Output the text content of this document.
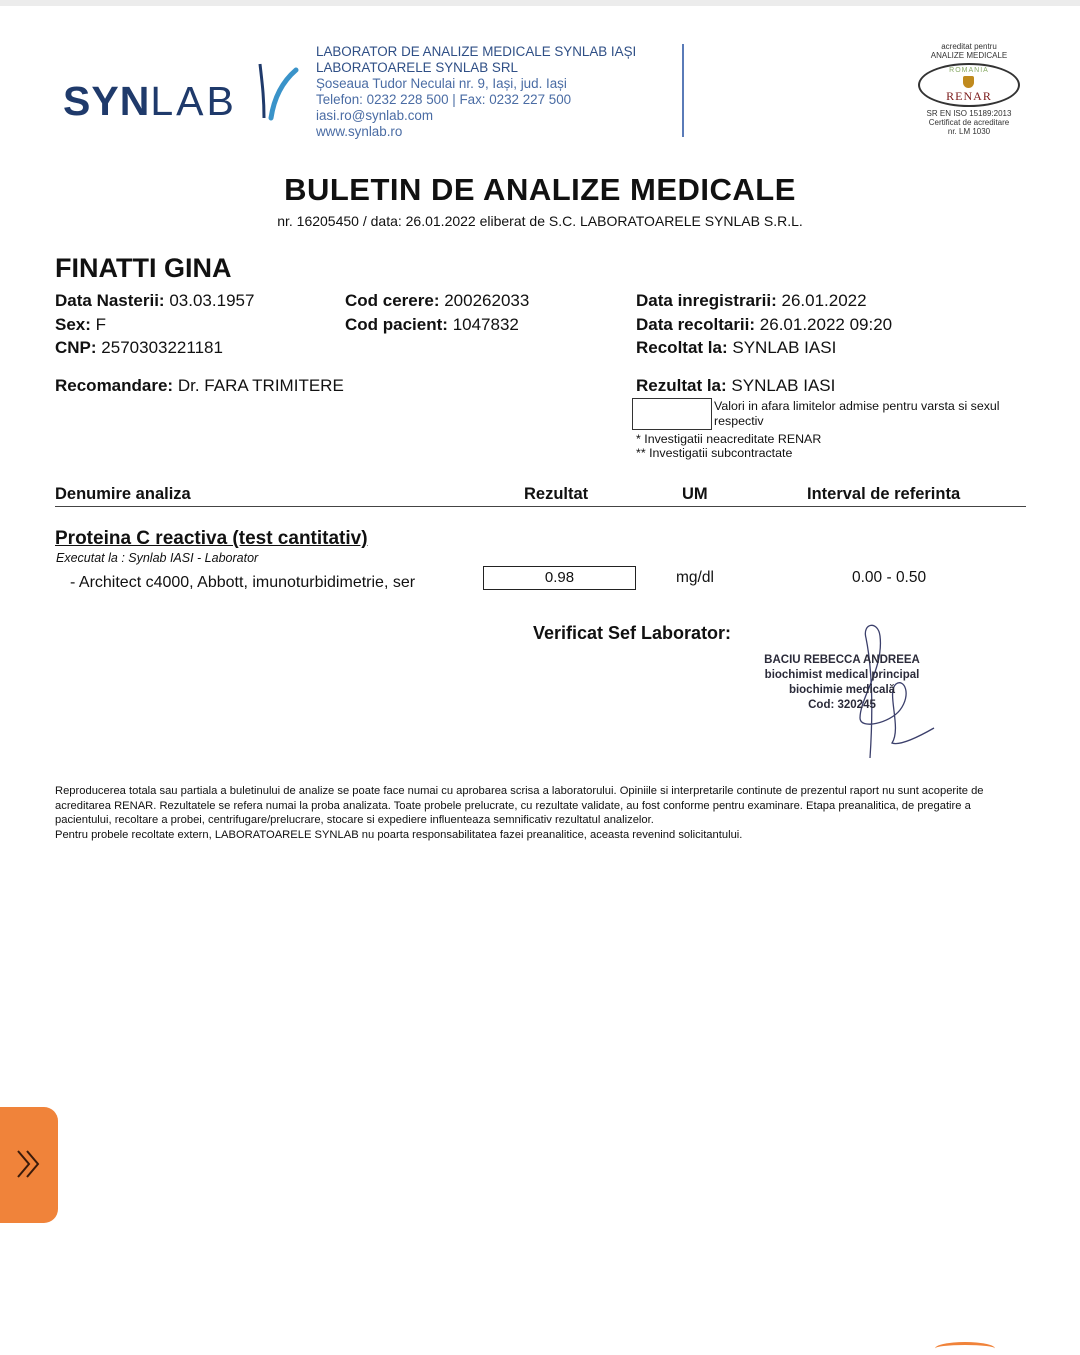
SYNLAB
LABORATOR DE ANALIZE MEDICALE SYNLAB IAȘI
LABORATOARELE SYNLAB SRL
Șoseaua Tudor Neculai nr. 9, Iași, jud. Iași
Telefon: 0232 228 500 | Fax: 0232 227 500
iasi.ro@synlab.com
www.synlab.ro
acreditat pentru
ANALIZE MEDICALE
ROMANIA
RENAR
SR EN ISO 15189:2013
Certificat de acreditare
nr. LM 1030
BULETIN DE ANALIZE MEDICALE
nr. 16205450 / data: 26.01.2022 eliberat de S.C. LABORATOARELE SYNLAB S.R.L.
FINATTI GINA
Data Nasterii: 03.03.1957
Sex: F
CNP: 2570303221181
Cod cerere: 200262033
Cod pacient: 1047832
Data inregistrarii: 26.01.2022
Data recoltarii: 26.01.2022 09:20
Recoltat la: SYNLAB IASI
Recomandare: Dr. FARA TRIMITERE	Rezultat la: SYNLAB IASI
Valori in afara limitelor admise pentru varsta si sexul respectiv
* Investigatii neacreditate RENAR
** Investigatii subcontractate
Denumire analiza	Rezultat	UM	Interval de referinta
Proteina C reactiva (test cantitativ)
Executat la : Synlab IASI - Laborator
- Architect c4000, Abbott, imunoturbidimetrie, ser	0.98	mg/dl	0.00 - 0.50
Verificat Sef Laborator:
BACIU REBECCA ANDREEA
biochimist medical principal
biochimie medicală
Cod: 320245
Reproducerea totala sau partiala a buletinului de analize se poate face numai cu aprobarea scrisa a laboratorului. Opiniile si interpretarile continute de prezentul raport nu sunt acoperite de acreditarea RENAR. Rezultatele se refera numai la proba analizata. Toate probele prelucrate, cu rezultate validate, au fost conforme pentru examinare. Etapa preanalitica, de pregatire a pacientului, recoltare a probei, centrifugare/prelucrare, stocare si expediere influenteaza semnificativ rezultatul analizelor.
Pentru probele recoltate extern, LABORATOARELE SYNLAB nu poarta responsabilitatea fazei preanalitice, aceasta revenind solicitantului.
